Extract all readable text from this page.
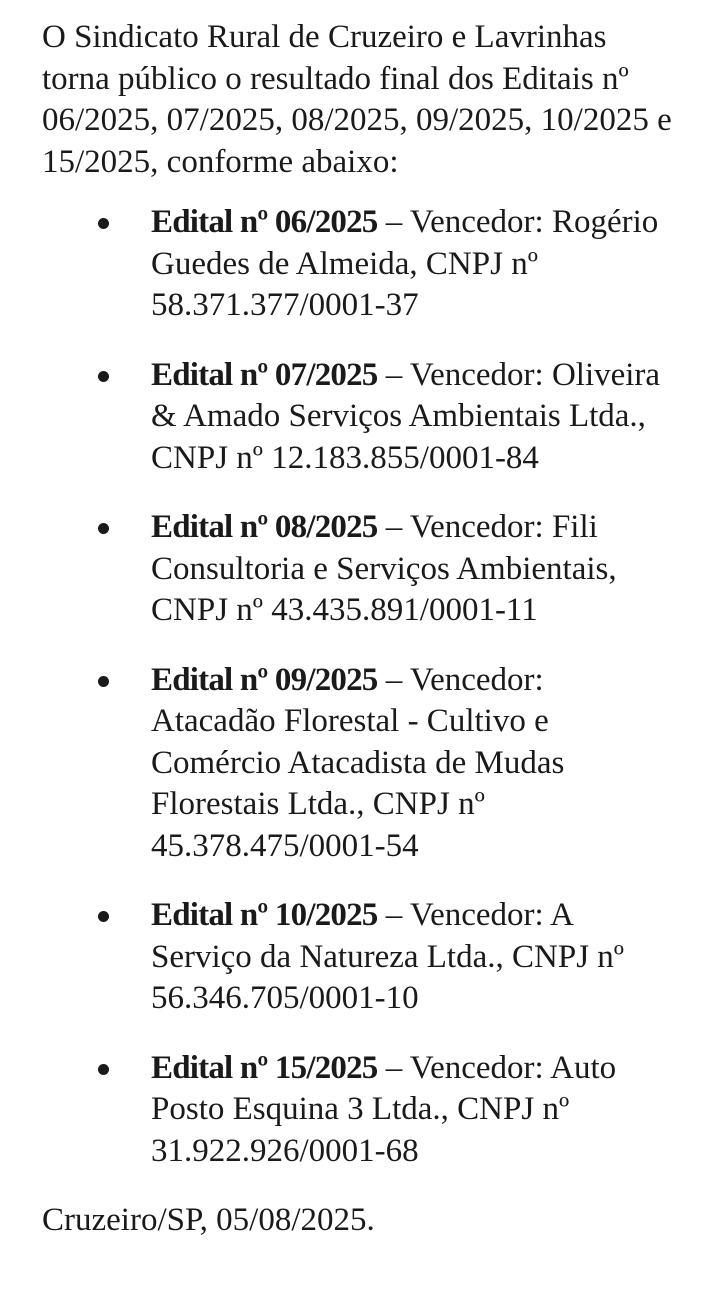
O Sindicato Rural de Cruzeiro e Lavrinhas torna público o resultado final dos Editais nº 06/2025, 07/2025, 08/2025, 09/2025, 10/2025 e 15/2025, conforme abaixo:

Edital nº 06/2025 – Vencedor: Rogério Guedes de Almeida, CNPJ nº 58.371.377/0001-37
Edital nº 07/2025 – Vencedor: Oliveira & Amado Serviços Ambientais Ltda., CNPJ nº 12.183.855/0001-84
Edital nº 08/2025 – Vencedor: Fili Consultoria e Serviços Ambientais, CNPJ nº 43.435.891/0001-11
Edital nº 09/2025 – Vencedor: Atacadão Florestal - Cultivo e Comércio Atacadista de Mudas Florestais Ltda., CNPJ nº 45.378.475/0001-54
Edital nº 10/2025 – Vencedor: A Serviço da Natureza Ltda., CNPJ nº 56.346.705/0001-10
Edital nº 15/2025 – Vencedor: Auto Posto Esquina 3 Ltda., CNPJ nº 31.922.926/0001-68

Cruzeiro/SP, 05/08/2025.
